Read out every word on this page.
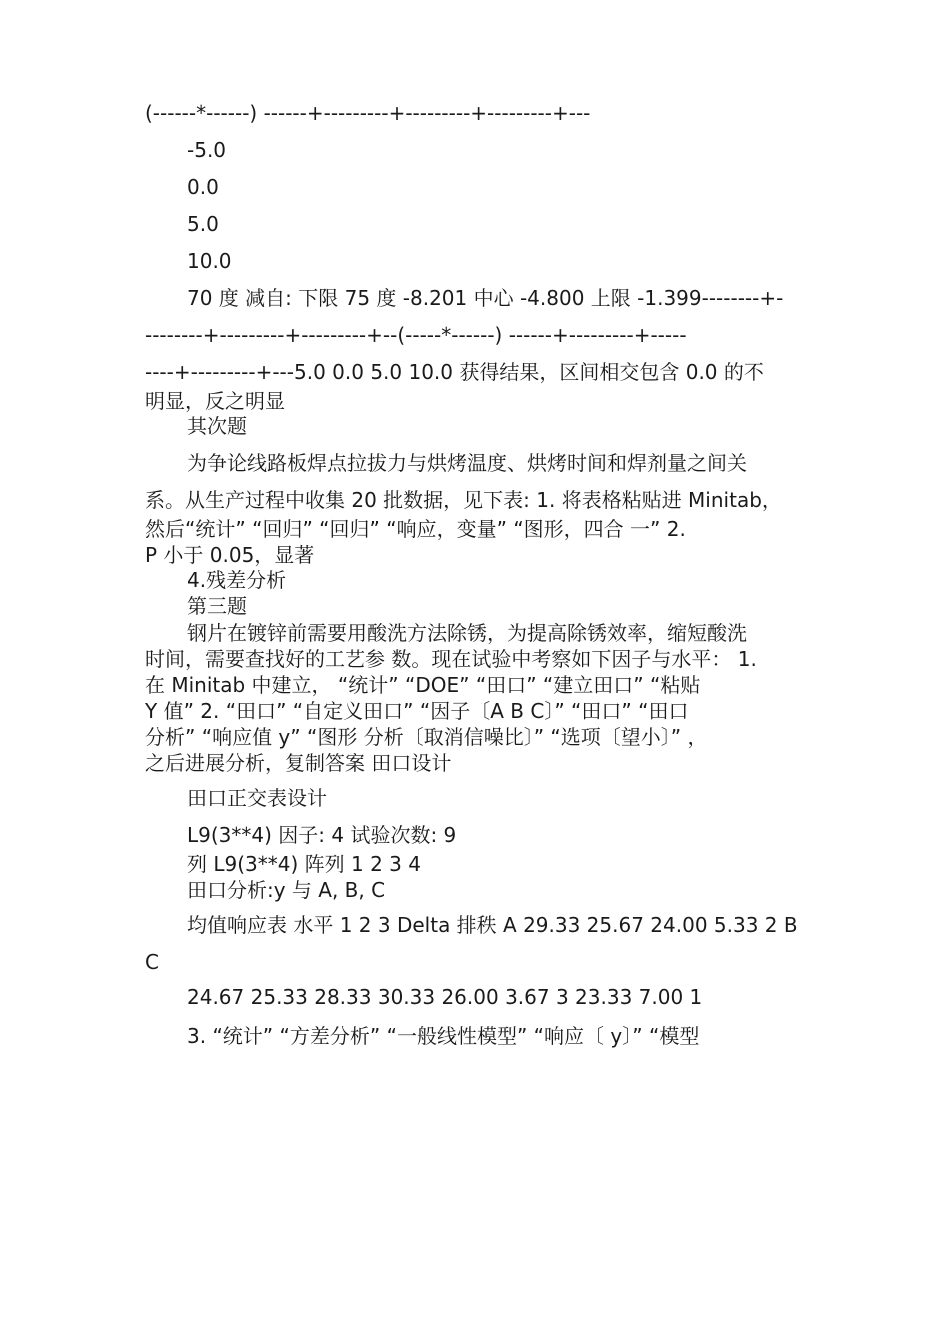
(------*------) ------+---------+---------+---------+---
-5.0
0.0
5.0
10.0
70 度 减自: 下限 75 度 -8.201 中心 -4.800 上限 -1.399--------+-
--------+---------+---------+--(-----*------) ------+---------+-----
----+---------+---5.0 0.0 5.0 10.0 获得结果，区间相交包含 0.0 的不
明显，反之明显
其次题
为争论线路板焊点拉拔力与烘烤温度、烘烤时间和焊剂量之间关
系。从生产过程中收集 20 批数据，见下表: 1. 将表格粘贴进 Minitab，
然后“统计” “回归” “回归” “响应，变量” “图形，四合 一” 2.
P 小于 0.05，显著
4.残差分析
第三题
钢片在镀锌前需要用酸洗方法除锈，为提高除锈效率，缩短酸洗
时间，需要查找好的工艺参 数。现在试验中考察如下因子与水平： 1.
在 Minitab 中建立， “统计” “DOE” “田口” “建立田口” “粘贴
Y 值” 2. “田口” “自定义田口” “因子〔A B C〕” “田口” “田口
分析” “响应值 y” “图形 分析〔取消信噪比〕” “选项〔望小〕” ，
之后进展分析，复制答案 田口设计
田口正交表设计
L9(3**4) 因子: 4 试验次数: 9
列 L9(3**4) 阵列 1 2 3 4
田口分析:y 与 A, B, C
均值响应表 水平 1 2 3 Delta 排秩 A 29.33 25.67 24.00 5.33 2 B
C
24.67 25.33 28.33 30.33 26.00 3.67 3 23.33 7.00 1
3. “统计” “方差分析” “一般线性模型” “响应〔 y〕” “模型
